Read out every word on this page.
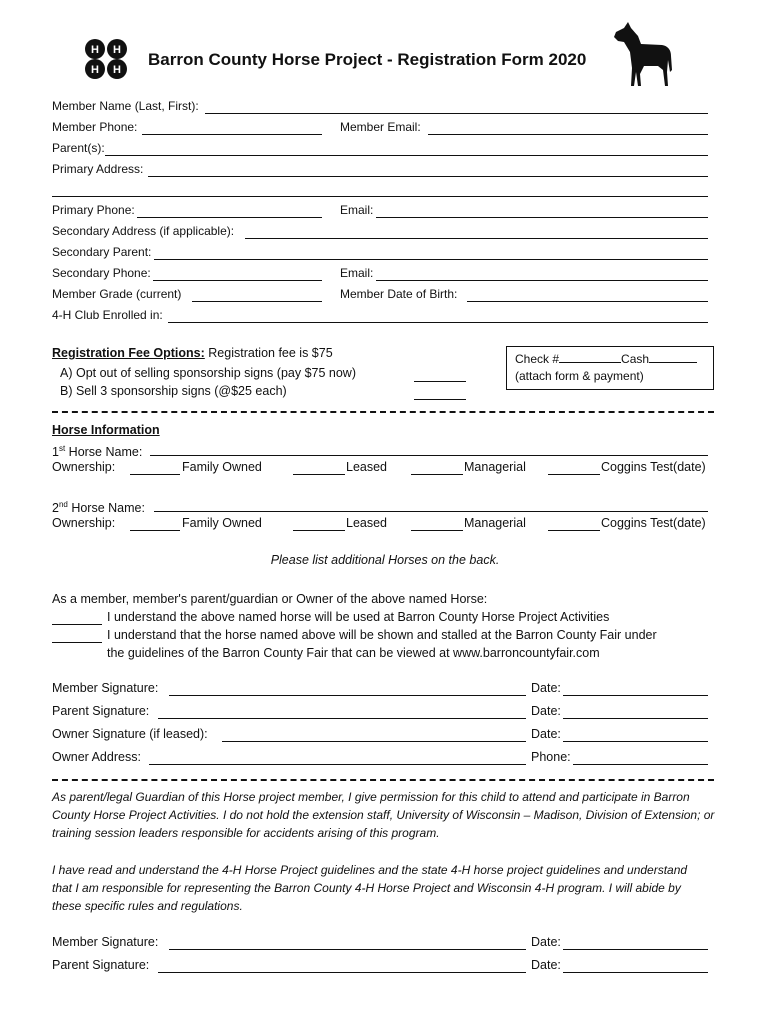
H H
H H
Barron County Horse Project - Registration Form 2020
Member Name (Last, First):
Member Phone:	Member Email:
Parent(s):
Primary Address:
Primary Phone:	Email:
Secondary Address (if applicable):
Secondary Parent:
Secondary Phone:	Email:
Member Grade (current)	Member Date of Birth:
4-H Club Enrolled in:
Registration Fee Options: Registration fee is $75
A) Opt out of selling sponsorship signs (pay $75 now)
B) Sell 3 sponsorship signs (@$25 each)
Check #	Cash
(attach form & payment)
Horse Information
1st Horse Name:
Ownership:	Family Owned	Leased	Managerial	Coggins Test(date)
2nd Horse Name:
Ownership:	Family Owned	Leased	Managerial	Coggins Test(date)
Please list additional Horses on the back.
As a member, member's parent/guardian or Owner of the above named Horse:
I understand the above named horse will be used at Barron County Horse Project Activities
I understand that the horse named above will be shown and stalled at the Barron County Fair under
the guidelines of the Barron County Fair that can be viewed at www.barroncountyfair.com
Member Signature:	Date:
Parent Signature:	Date:
Owner Signature (if leased):	Date:
Owner Address:	Phone:
As parent/legal Guardian of this Horse project member, I give permission for this child to attend and participate in Barron County Horse Project Activities. I do not hold the extension staff, University of Wisconsin – Madison, Division of Extension; or training session leaders responsible for accidents arising of this program.
I have read and understand the 4-H Horse Project guidelines and the state 4-H horse project guidelines and understand that I am responsible for representing the Barron County 4-H Horse Project and Wisconsin 4-H program. I will abide by these specific rules and regulations.
Member Signature:	Date:
Parent Signature:	Date:
